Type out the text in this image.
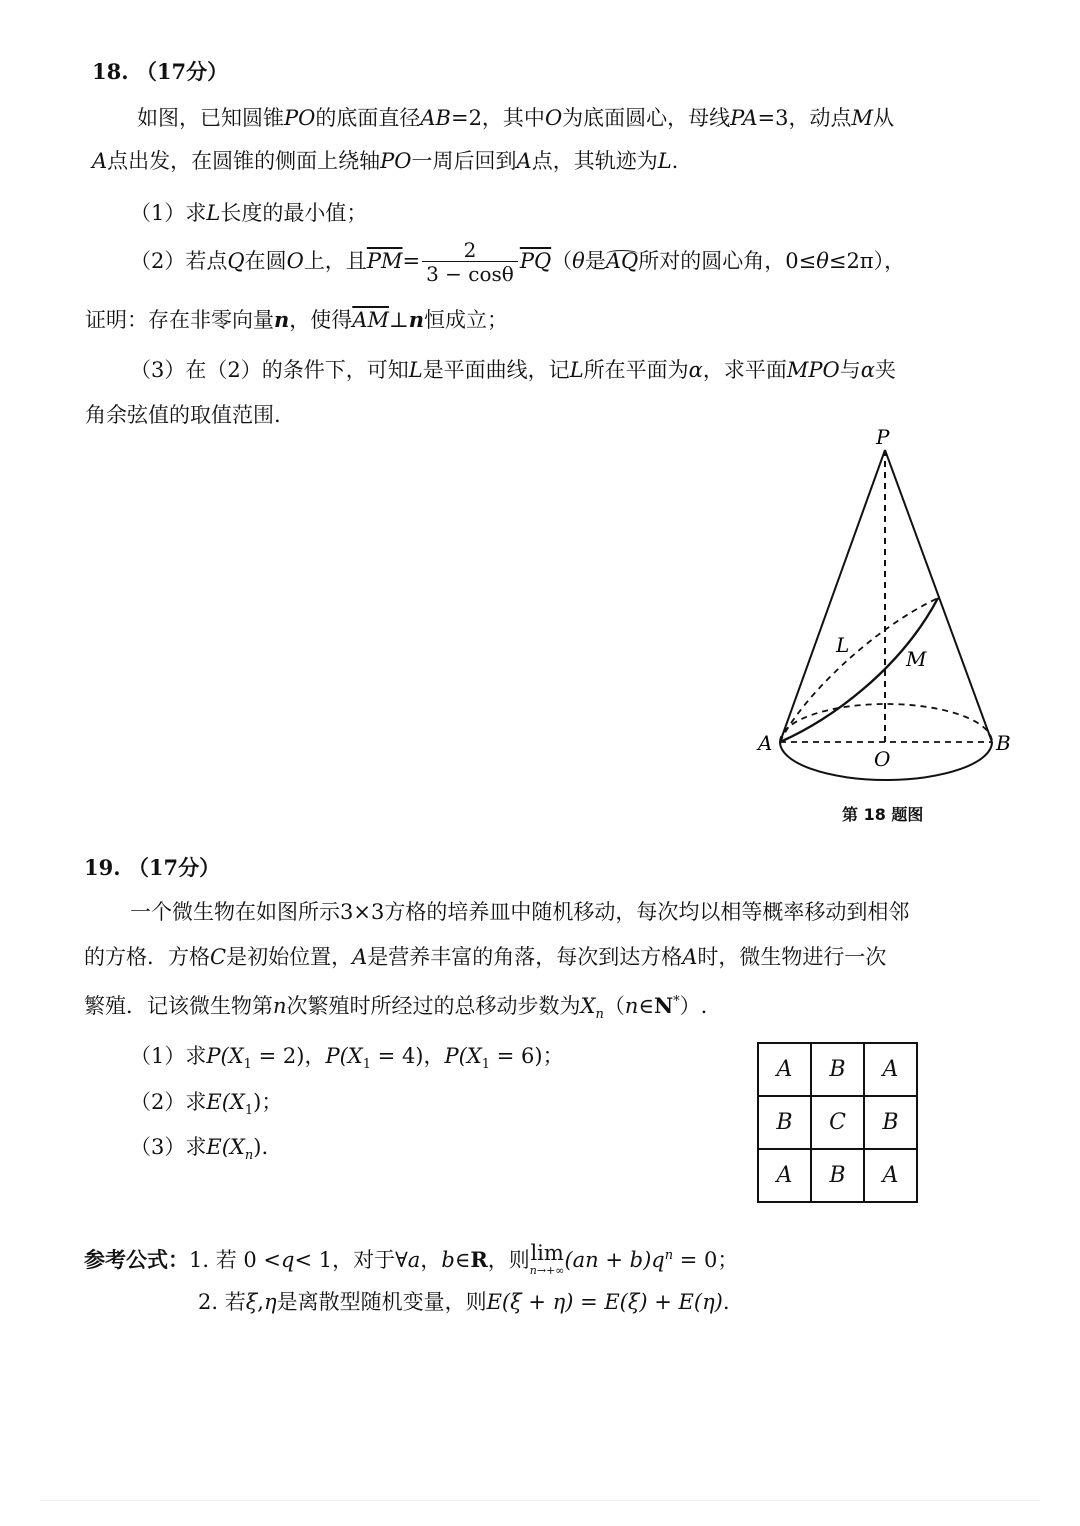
18. （17分）
如图，已知圆锥PO的底面直径AB=2，其中O为底面圆心，母线PA=3，动点M从
A点出发，在圆锥的侧面上绕轴PO一周后回到A点，其轨迹为L.
（1）求L长度的最小值；
（2）若点Q在圆O上，且$\overline{PM}= \frac{2}{3 - \cos\theta} \overline{PQ}(\theta$是AQ所对的圆心角，0≤θ≤2π），
证明：存在非零向量n，使得$\overline{AM}\perp n$恒成立；
（3）在（2）的条件下，可知L是平面曲线，记L所在平面为α，求平面MPO与α夹
角余弦值的取值范围.
P
L
M
A
O
B
第 18 题图
19. （17分）
一个微生物在如图所示3×3方格的培养皿中随机移动，每次均以相等概率移动到相邻
的方格．方格C是初始位置，A是营养丰富的角落，每次到达方格A时，微生物进行一次
繁殖．记该微生物第n次繁殖时所经过的总移动步数为$X_n(n\in N^*)$.
（1）求$P(X_1 = 2)$，$P(X_1 = 4)$，$P(X_1 = 6)$；
（2）求$E(X_1)$；
（3）求$E(X_n)$.
A	B	A
B	C	B
A	B	A
参考公式：1. 若 0 <q< 1，对于∀a，b∈R，则 lim
n→+∞ $(an + b)q^n = 0$；
2. 若ξ,η是离散型随机变量，则E(ξ + η) = E(ξ) + E(η).
